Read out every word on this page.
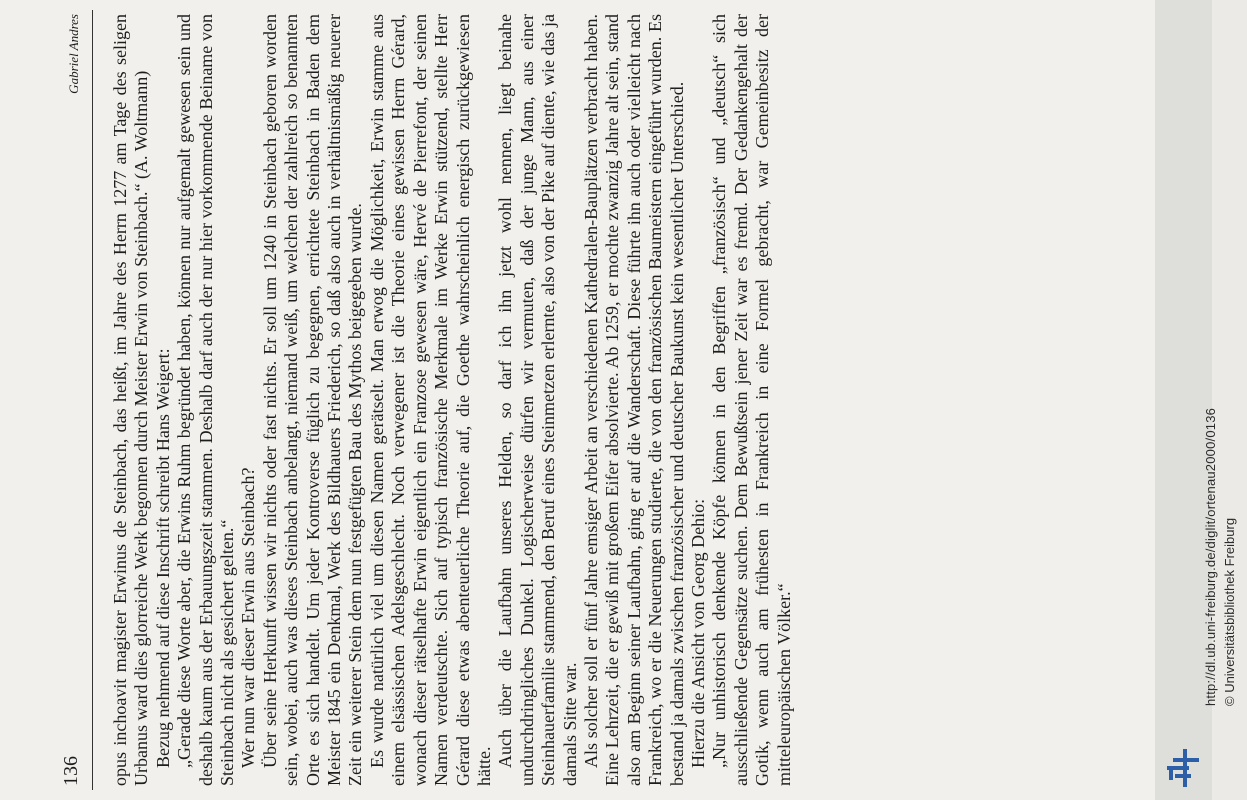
136
Gabriel Andres opus inchoavit magister Erwinus de Steinbach, das heißt, im Jahre des Herrn 1277 am Tage des seligen Urbanus ward dies glorreiche Werk begonnen durch Meister Erwin von Steinbach.“ (A. Woltmann) Bezug nehmend auf diese Inschrift schreibt Hans Weigert: „Gerade diese Worte aber, die Erwins Ruhm begründet haben, können nur aufgemalt gewesen sein und deshalb kaum aus der Erbauungszeit stammen. Deshalb darf auch der nur hier vorkommende Beiname von Steinbach nicht als gesichert gelten.“ Wer nun war dieser Erwin aus Steinbach? Über seine Herkunft wissen wir nichts oder fast nichts. Er soll um 1240 in Steinbach geboren worden sein, wobei, auch was dieses Steinbach anbelangt, niemand weiß, um welchen der zahlreich so benannten Orte es sich handelt. Um jeder Kontroverse füglich zu begegnen, errichtete Steinbach in Baden dem Meister 1845 ein Denkmal, Werk des Bildhauers Friederich, so daß also auch in verhältnismäßig neuerer Zeit ein weiterer Stein dem nun festgefügten Bau des Mythos beigegeben wurde. Es wurde natürlich viel um diesen Namen gerätselt. Man erwog die Möglichkeit, Erwin stamme aus einem elsässischen Adelsgeschlecht. Noch verwegener ist die Theorie eines gewissen Herrn Gérard, wonach dieser rätselhafte Erwin eigentlich ein Franzose gewesen wäre, Hervé de Pierrefont, der seinen Namen verdeutschte. Sich auf typisch französische Merkmale im Werke Erwin stützend, stellte Herr Gérard diese etwas abenteuerliche Theorie auf, die Goethe wahrscheinlich energisch zurückgewiesen hätte. Auch über die Laufbahn unseres Helden, so darf ich ihn jetzt wohl nennen, liegt beinahe undurchdringliches Dunkel. Logischerweise dürfen wir vermuten, daß der junge Mann, aus einer Steinhauerfamilie stammend, den Beruf eines Steinmetzen erlernte, also von der Pike auf diente, wie das ja damals Sitte war. Als solcher soll er fünf Jahre emsiger Arbeit an verschiedenen Kathedralen-Bauplätzen verbracht haben. Eine Lehrzeit, die er gewiß mit großem Eifer absolvierte. Ab 1259, er mochte zwanzig Jahre alt sein, stand also am Beginn seiner Laufbahn, ging er auf die Wanderschaft. Diese führte ihn auch oder vielleicht nach Frankreich, wo er die Neuerungen studierte, die von den französischen Baumeistern eingeführt wurden. Es bestand ja damals zwischen französischer und deutscher Baukunst kein wesentlicher Unterschied. Hierzu die Ansicht von Georg Dehio: „Nur unhistorisch denkende Köpfe können in den Begriffen „französisch“ und „deutsch“ sich ausschließende Gegensätze suchen. Dem Bewußtsein jener Zeit war es fremd. Der Gedankengehalt der Gotik, wenn auch am frühesten in Frankreich in eine Formel gebracht, war Gemeinbesitz der mitteleuropäischen Völker.“	http://dl.ub.uni-freiburg.de/diglit/ortenau2000/0136 © Universitätsbibliothek Freiburg
